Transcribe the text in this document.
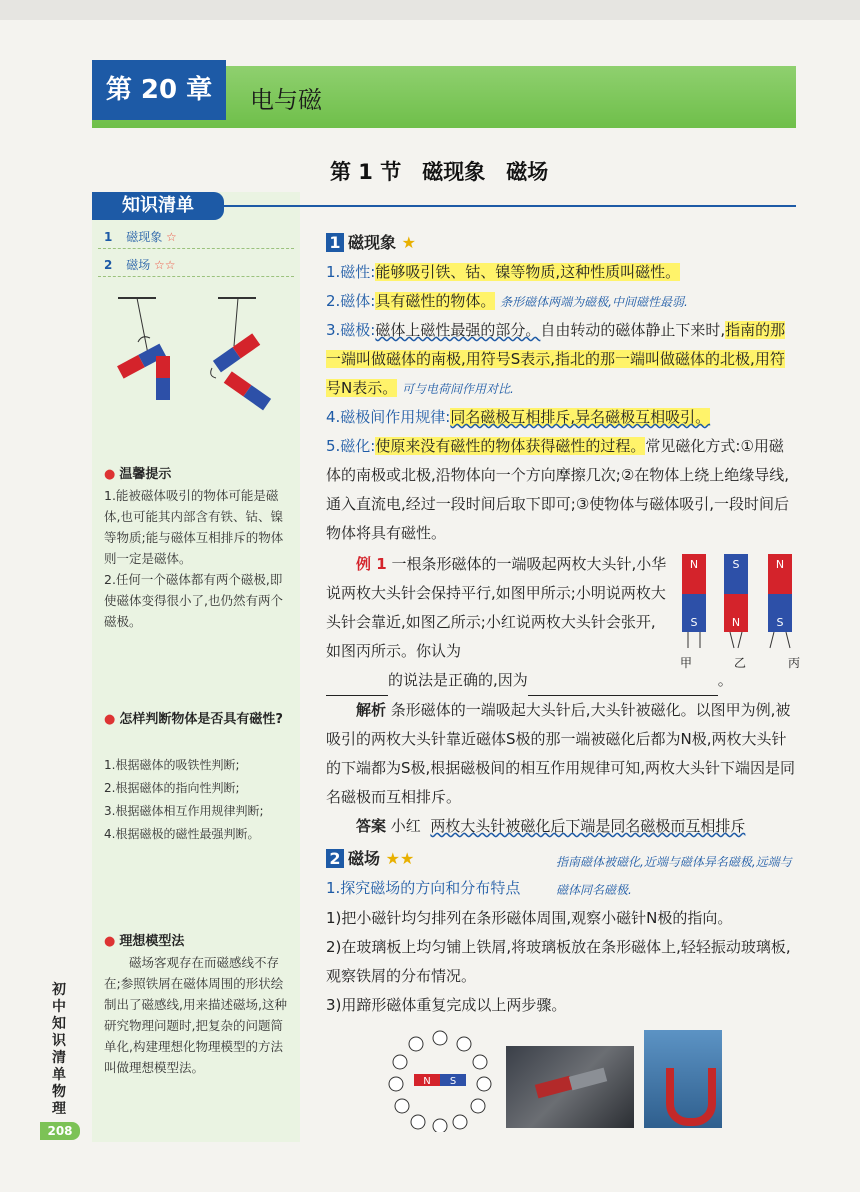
第 20 章	电与磁
第 1 节　磁现象　磁场
知识清单
1 磁现象 ☆
2 磁场 ☆☆
● 温馨提示
1.能被磁体吸引的物体可能是磁体,也可能其内部含有铁、钴、镍等物质;能与磁体互相排斥的物体则一定是磁体。
2.任何一个磁体都有两个磁极,即使磁体变得很小了,也仍然有两个磁极。
● 怎样判断物体是否具有磁性?
1.根据磁体的吸铁性判断;
2.根据磁体的指向性判断;
3.根据磁体相互作用规律判断;
4.根据磁极的磁性最强判断。
● 理想模型法
磁场客观存在而磁感线不存在;参照铁屑在磁体周围的形状绘制出了磁感线,用来描述磁场,这种研究物理问题时,把复杂的问题简单化,构建理想化物理模型的方法叫做理想模型法。
初中知识清单　物理
208
1 磁现象 ★
1.磁性:能够吸引铁、钴、镍等物质,这种性质叫磁性。
2.磁体:具有磁性的物体。 条形磁体两端为磁极,中间磁性最弱.
3.磁极:磁体上磁性最强的部分。自由转动的磁体静止下来时,指南的那一端叫做磁体的南极,用符号S表示,指北的那一端叫做磁体的北极,用符号N表示。 可与电荷间作用对比.
4.磁极间作用规律:同名磁极互相排斥,异名磁极互相吸引。
5.磁化:使原来没有磁性的物体获得磁性的过程。常见磁化方式:①用磁体的南极或北极,沿物体向一个方向摩擦几次;②在物体上绕上绝缘导线,通入直流电,经过一段时间后取下即可;③使物体与磁体吸引,一段时间后物体将具有磁性。
例 1 一根条形磁体的一端吸起两枚大头针,小华说两枚大头针会保持平行,如图甲所示;小明说两枚大头针会靠近,如图乙所示;小红说两枚大头针会张开,如图丙所示。你认为
的说法是正确的,因为	。
N
S
S
N
N
S
甲	乙	丙
解析 条形磁体的一端吸起大头针后,大头针被磁化。以图甲为例,被吸引的两枚大头针靠近磁体S极的那一端被磁化后都为N极,两枚大头针的下端都为S极,根据磁极间的相互作用规律可知,两枚大头针下端因是同名磁极而互相排斥。
答案 小红 两枚大头针被磁化后下端是同名磁极而互相排斥
2 磁场 ★★	指南磁体被磁化,近端与磁体异名磁极,远端与磁体同名磁极.
1.探究磁场的方向和分布特点
1)把小磁针均匀排列在条形磁体周围,观察小磁针N极的指向。
2)在玻璃板上均匀铺上铁屑,将玻璃板放在条形磁体上,轻轻振动玻璃板,观察铁屑的分布情况。
3)用蹄形磁体重复完成以上两步骤。
N S
